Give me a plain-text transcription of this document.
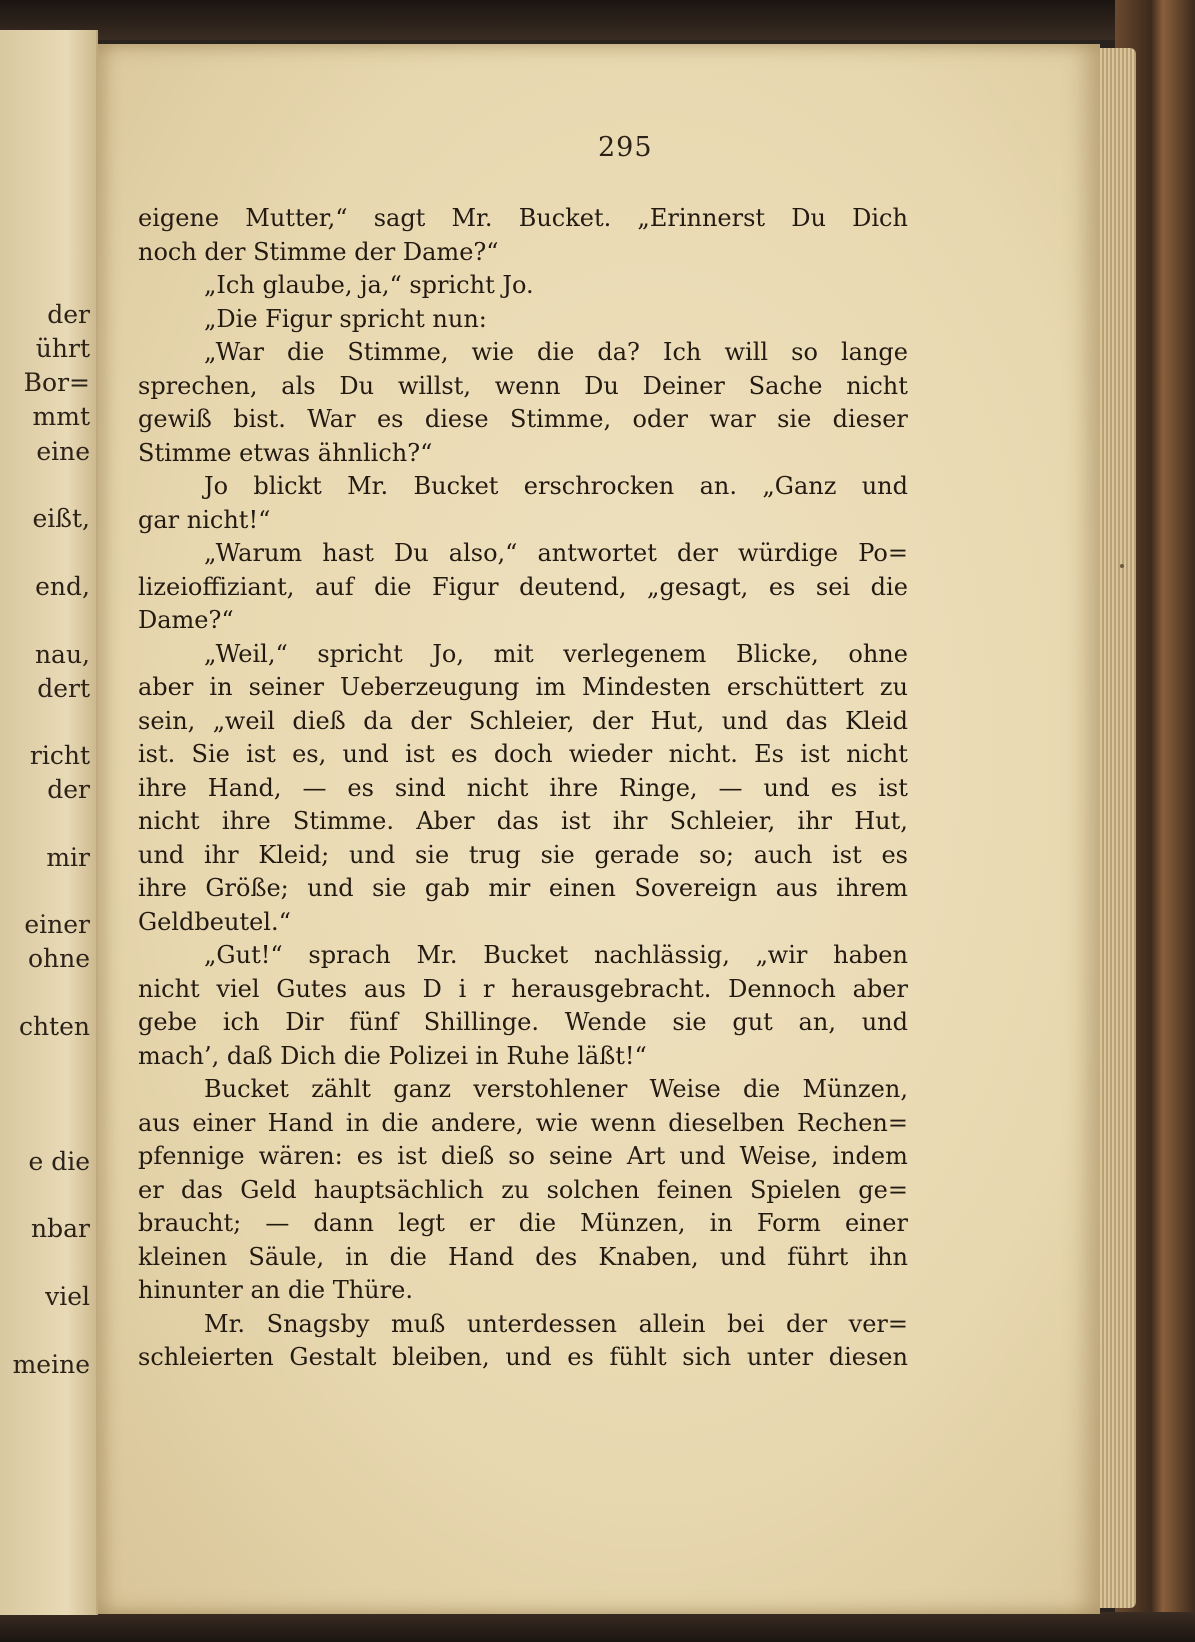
der
ührt
Bor=
mmt
eine
eißt,
end,
nau,
dert
richt
der
mir
einer
ohne
chten
e die
nbar
viel
meine
295
eigene Mutter,“ sagt Mr. Bucket. „Erinnerst Du Dich
noch der Stimme der Dame?“
„Ich glaube, ja,“ spricht Jo.
„Die Figur spricht nun:
„War die Stimme, wie die da? Ich will so lange
sprechen, als Du willst, wenn Du Deiner Sache nicht
gewiß bist. War es diese Stimme, oder war sie dieser
Stimme etwas ähnlich?“
Jo blickt Mr. Bucket erschrocken an. „Ganz und
gar nicht!“
„Warum hast Du also,“ antwortet der würdige Po=
lizeioffiziant, auf die Figur deutend, „gesagt, es sei die
Dame?“
„Weil,“ spricht Jo, mit verlegenem Blicke, ohne
aber in seiner Ueberzeugung im Mindesten erschüttert zu
sein, „weil dieß da der Schleier, der Hut, und das Kleid
ist. Sie ist es, und ist es doch wieder nicht. Es ist nicht
ihre Hand, — es sind nicht ihre Ringe, — und es ist
nicht ihre Stimme. Aber das ist ihr Schleier, ihr Hut,
und ihr Kleid; und sie trug sie gerade so; auch ist es
ihre Größe; und sie gab mir einen Sovereign aus ihrem
Geldbeutel.“
„Gut!“ sprach Mr. Bucket nachlässig, „wir haben
nicht viel Gutes aus D i r herausgebracht. Dennoch aber
gebe ich Dir fünf Shillinge. Wende sie gut an, und
mach’, daß Dich die Polizei in Ruhe läßt!“
Bucket zählt ganz verstohlener Weise die Münzen,
aus einer Hand in die andere, wie wenn dieselben Rechen=
pfennige wären: es ist dieß so seine Art und Weise, indem
er das Geld hauptsächlich zu solchen feinen Spielen ge=
braucht; — dann legt er die Münzen, in Form einer
kleinen Säule, in die Hand des Knaben, und führt ihn
hinunter an die Thüre.
Mr. Snagsby muß unterdessen allein bei der ver=
schleierten Gestalt bleiben, und es fühlt sich unter diesen
